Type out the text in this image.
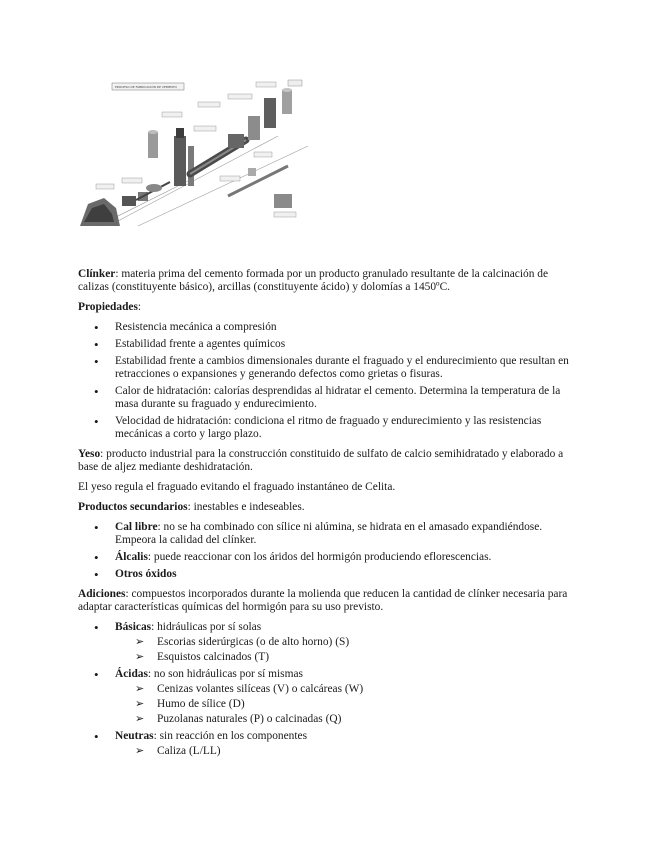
PROCESO DE FABRICACIÓN DE CEMENTO

Clínker: materia prima del cemento formada por un producto granulado resultante de la calcinación de calizas (constituyente básico), arcillas (constituyente ácido) y dolomías a 1450ºC.

Propiedades:

• Resistencia mecánica a compresión
• Estabilidad frente a agentes químicos
• Estabilidad frente a cambios dimensionales durante el fraguado y el endurecimiento que resultan en retracciones o expansiones y generando defectos como grietas o fisuras.
• Calor de hidratación: calorías desprendidas al hidratar el cemento. Determina la temperatura de la masa durante su fraguado y endurecimiento.
• Velocidad de hidratación: condiciona el ritmo de fraguado y endurecimiento y las resistencias mecánicas a corto y largo plazo.

Yeso: producto industrial para la construcción constituido de sulfato de calcio semihidratado y elaborado a base de aljez mediante deshidratación.

El yeso regula el fraguado evitando el fraguado instantáneo de Celita.

Productos secundarios: inestables e indeseables.

• Cal libre: no se ha combinado con sílice ni alúmina, se hidrata en el amasado expandiéndose. Empeora la calidad del clínker.
• Álcalis: puede reaccionar con los áridos del hormigón produciendo eflorescencias.
• Otros óxidos

Adiciones: compuestos incorporados durante la molienda que reducen la cantidad de clínker necesaria para adaptar características químicas del hormigón para su uso previsto.

• Básicas: hidráulicas por sí solas
➢ Escorias siderúrgicas (o de alto horno) (S)
➢ Esquistos calcinados (T)
• Ácidas: no son hidráulicas por sí mismas
➢ Cenizas volantes silíceas (V) o calcáreas (W)
➢ Humo de sílice (D)
➢ Puzolanas naturales (P) o calcinadas (Q)
• Neutras: sin reacción en los componentes
➢ Caliza (L/LL)
